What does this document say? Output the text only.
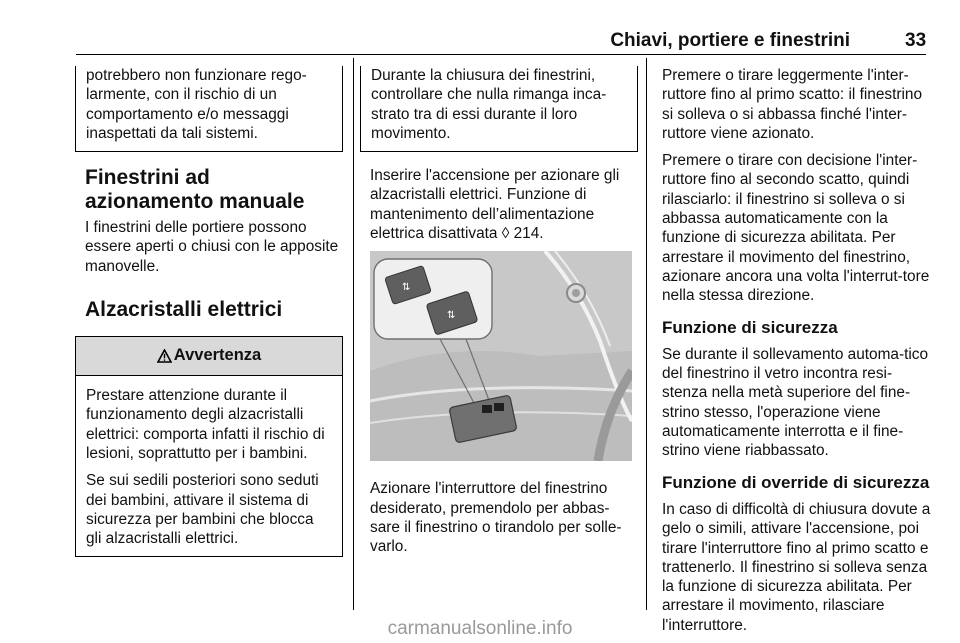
Chiavi, portiere e finestrini	33

potrebbero non funzionare rego-larmente, con il rischio di un comportamento e/o messaggi inaspettati da tali sistemi.

Finestrini ad azionamento manuale

I finestrini delle portiere possono essere aperti o chiusi con le apposite manovelle.

Alzacristalli elettrici
Avvertenza

Prestare attenzione durante il funzionamento degli alzacristalli elettrici: comporta infatti il rischio di lesioni, soprattutto per i bambini.

Se sui sedili posteriori sono seduti dei bambini, attivare il sistema di sicurezza per bambini che blocca gli alzacristalli elettrici.

Durante la chiusura dei finestrini, controllare che nulla rimanga inca-strato tra di essi durante il loro movimento.

Inserire l'accensione per azionare gli alzacristalli elettrici. Funzione di mantenimento dell’alimentazione elettrica disattivata ◊ 214.

⇅
⇅

Azionare l'interruttore del finestrino desiderato, premendolo per abbas-sare il finestrino o tirandolo per solle-varlo.

Premere o tirare leggermente l'inter-ruttore fino al primo scatto: il finestrino si solleva o si abbassa finché l'inter-ruttore viene azionato.

Premere o tirare con decisione l'inter-ruttore fino al secondo scatto, quindi rilasciarlo: il finestrino si solleva o si abbassa automaticamente con la funzione di sicurezza abilitata. Per arrestare il movimento del finestrino, azionare ancora una volta l'interrut-tore nella stessa direzione.

Funzione di sicurezza

Se durante il sollevamento automa-tico del finestrino il vetro incontra resi-stenza nella metà superiore del fine-strino stesso, l'operazione viene automaticamente interrotta e il fine-strino viene riabbassato.

Funzione di override di sicurezza

In caso di difficoltà di chiusura dovute a gelo o simili, attivare l'accensione, poi tirare l'interruttore fino al primo scatto e trattenerlo. Il finestrino si solleva senza la funzione di sicurezza abilitata. Per arrestare il movimento, rilasciare l'interruttore.

carmanualsonline.info
